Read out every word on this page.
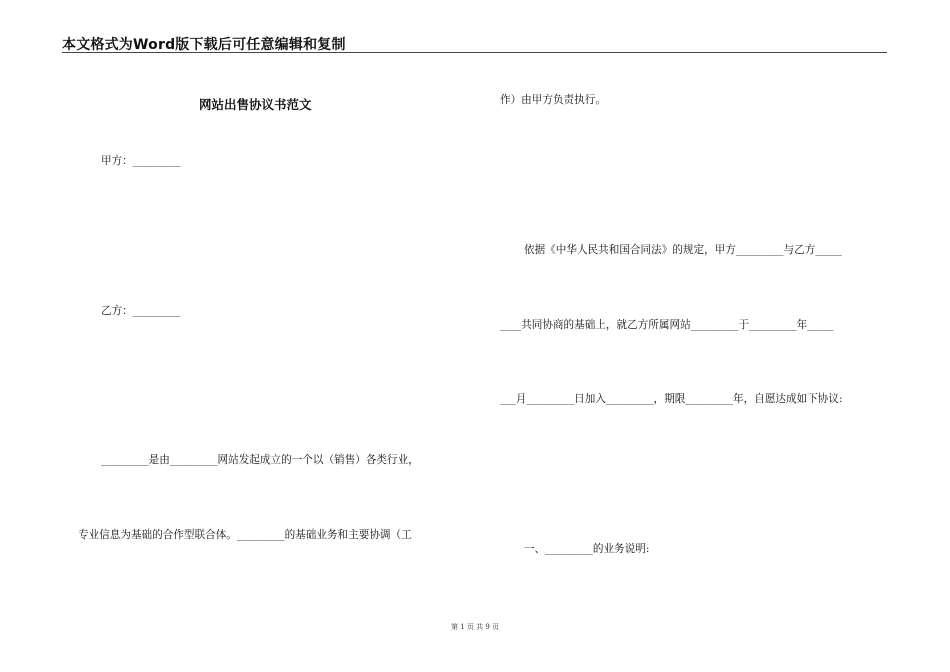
本文格式为Word版下载后可任意编辑和复制
网站出售协议书范文
甲方：_________
乙方：_________
_________是由_________网站发起成立的一个以（销售）各类行业，
专业信息为基础的合作型联合体。_________的基础业务和主要协调（工
作）由甲方负责执行。
依据《中华人民共和国合同法》的规定，甲方_________与乙方_____
____共同协商的基础上，就乙方所属网站_________于_________年_____
___月_________日加入_________，期限_________年，自愿达成如下协议:
一、_________的业务说明:
第 1 页 共 9 页
